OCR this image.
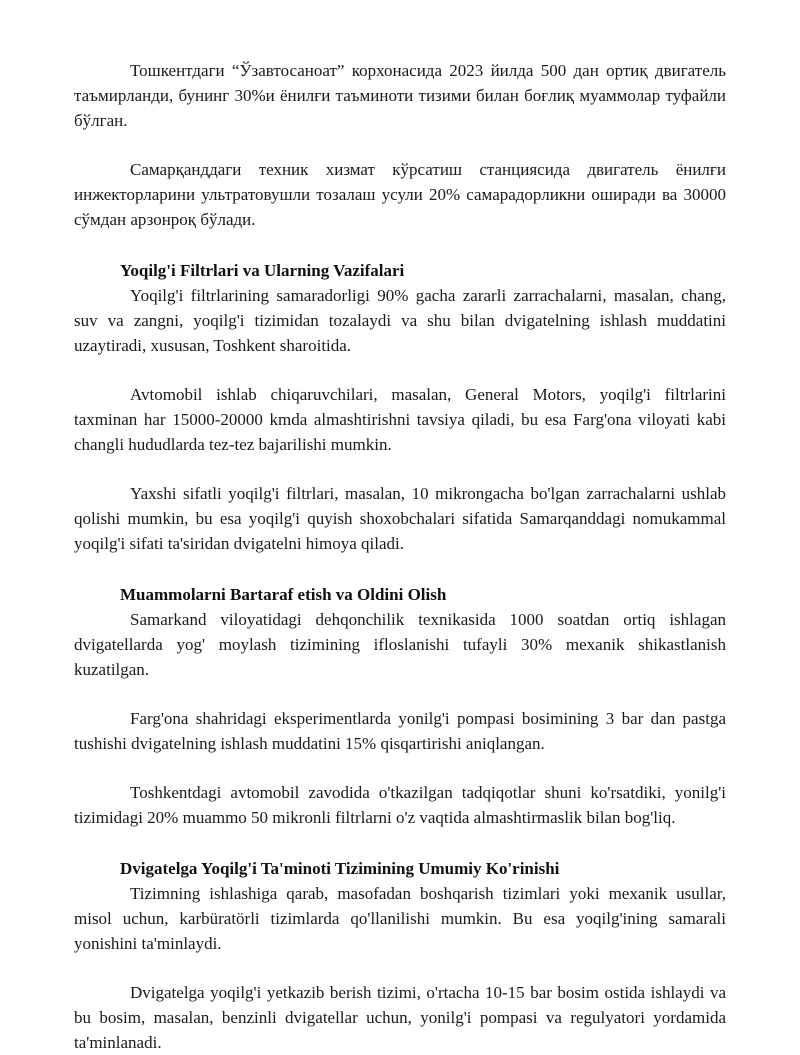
Тошкентдаги “Ўзавтосаноат” корхонасида 2023 йилда 500 дан ортиқ двигатель таъмирланди, бунинг 30%и ёнилғи таъминоти тизими билан боғлиқ муаммолар туфайли бўлган.

Самарқанддаги техник хизмат кўрсатиш станциясида двигатель ёнилғи инжекторларини ультратовушли тозалаш усули 20% самарадорликни оширади ва 30000 сўмдан арзонроқ бўлади.

Yoqilg'i Filtrlari va Ularning Vazifalari

Yoqilg'i filtrlarining samaradorligi 90% gacha zararli zarrachalarni, masalan, chang, suv va zangni, yoqilg'i tizimidan tozalaydi va shu bilan dvigatelning ishlash muddatini uzaytiradi, xususan, Toshkent sharoitida.

Avtomobil ishlab chiqaruvchilari, masalan, General Motors, yoqilg'i filtrlarini taxminan har 15000-20000 kmda almashtirishni tavsiya qiladi, bu esa Farg'ona viloyati kabi changli hududlarda tez-tez bajarilishi mumkin.

Yaxshi sifatli yoqilg'i filtrlari, masalan, 10 mikrongacha bo'lgan zarrachalarni ushlab qolishi mumkin, bu esa yoqilg'i quyish shoxobchalari sifatida Samarqanddagi nomukammal yoqilg'i sifati ta'siridan dvigatelni himoya qiladi.

Muammolarni Bartaraf etish va Oldini Olish

Samarkand viloyatidagi dehqonchilik texnikasida 1000 soatdan ortiq ishlagan dvigatellarda yog' moylash tizimining ifloslanishi tufayli 30% mexanik shikastlanish kuzatilgan.

Farg'ona shahridagi eksperimentlarda yonilg'i pompasi bosimining 3 bar dan pastga tushishi dvigatelning ishlash muddatini 15% qisqartirishi aniqlangan.

Toshkentdagi avtomobil zavodida o'tkazilgan tadqiqotlar shuni ko'rsatdiki, yonilg'i tizimidagi 20% muammo 50 mikronli filtrlarni o'z vaqtida almashtirmaslik bilan bog'liq.

Dvigatelga Yoqilg'i Ta'minoti Tizimining Umumiy Ko'rinishi

Tizimning ishlashiga qarab, masofadan boshqarish tizimlari yoki mexanik usullar, misol uchun, karbüratörli tizimlarda qo'llanilishi mumkin. Bu esa yoqilg'ining samarali yonishini ta'minlaydi.

Dvigatelga yoqilg'i yetkazib berish tizimi, o'rtacha 10-15 bar bosim ostida ishlaydi va bu bosim, masalan, benzinli dvigatellar uchun, yonilg'i pompasi va regulyatori yordamida ta'minlanadi.
